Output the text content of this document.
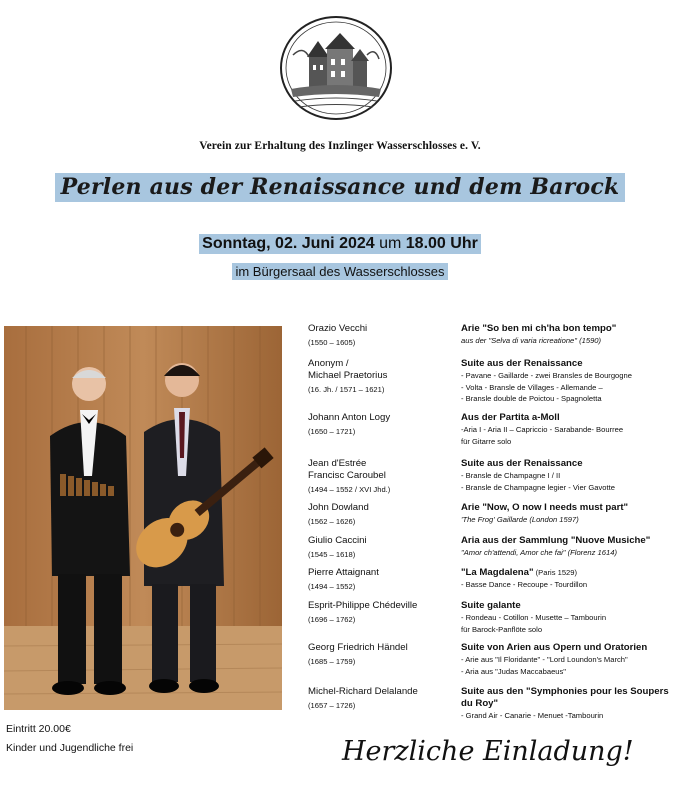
Verein zur Erhaltung des Inzlinger Wasserschlosses e. V.
Perlen aus der Renaissance und dem Barock
Sonntag, 02. Juni 2024 um 18.00 Uhr
im Bürgersaal des Wasserschlosses
Orazio Vecchi
(1550 – 1605)
Arie "So ben mi ch'ha bon tempo"
aus der "Selva di varia ricreatione" (1590)
Anonym /
Michael Praetorius
(16. Jh. / 1571 – 1621)
Suite aus der Renaissance
- Pavane - Gaillarde - zwei Bransles de Bourgogne
- Volta - Bransle de Villages - Allemande –
- Bransle double de Poictou - Spagnoletta
Johann Anton Logy
(1650 – 1721)
Aus der Partita a-Moll
-Aria I - Aria II – Capriccio - Sarabande- Bourree
für Gitarre solo
Jean d'Estrée
Francisc Caroubel
(1494 – 1552 / XVI Jhd.)
Suite aus der Renaissance
- Bransle de Champagne I / II
- Bransle de Champagne legier - Vier Gavotte
John Dowland
(1562 – 1626)
Arie "Now, O now I needs must part"
'The Frog' Gaillarde (London 1597)
Giulio Caccini
(1545 – 1618)
Aria aus der Sammlung "Nuove Musiche"
"Amor ch'attendi, Amor che fai" (Florenz 1614)
Pierre Attaignant
(1494 – 1552)
"La Magdalena" (Paris 1529)
- Basse Dance - Recoupe - Tourdillon
Esprit-Philippe Chédeville
(1696 – 1762)
Suite galante
- Rondeau - Cotillon - Musette – Tambourin
für Barock-Panflöte solo
Georg Friedrich Händel
(1685 – 1759)
Suite von Arien aus Opern und Oratorien
- Arie aus "Il Floridante" - "Lord Loundon's March"
- Aria aus "Judas Maccabaeus"
Michel-Richard Delalande
(1657 – 1726)
Suite aus den "Symphonies pour les Soupers du Roy"
- Grand Air - Canarie - Menuet -Tambourin
Eintritt 20.00€
Kinder und Jugendliche frei	Herzliche Einladung!
